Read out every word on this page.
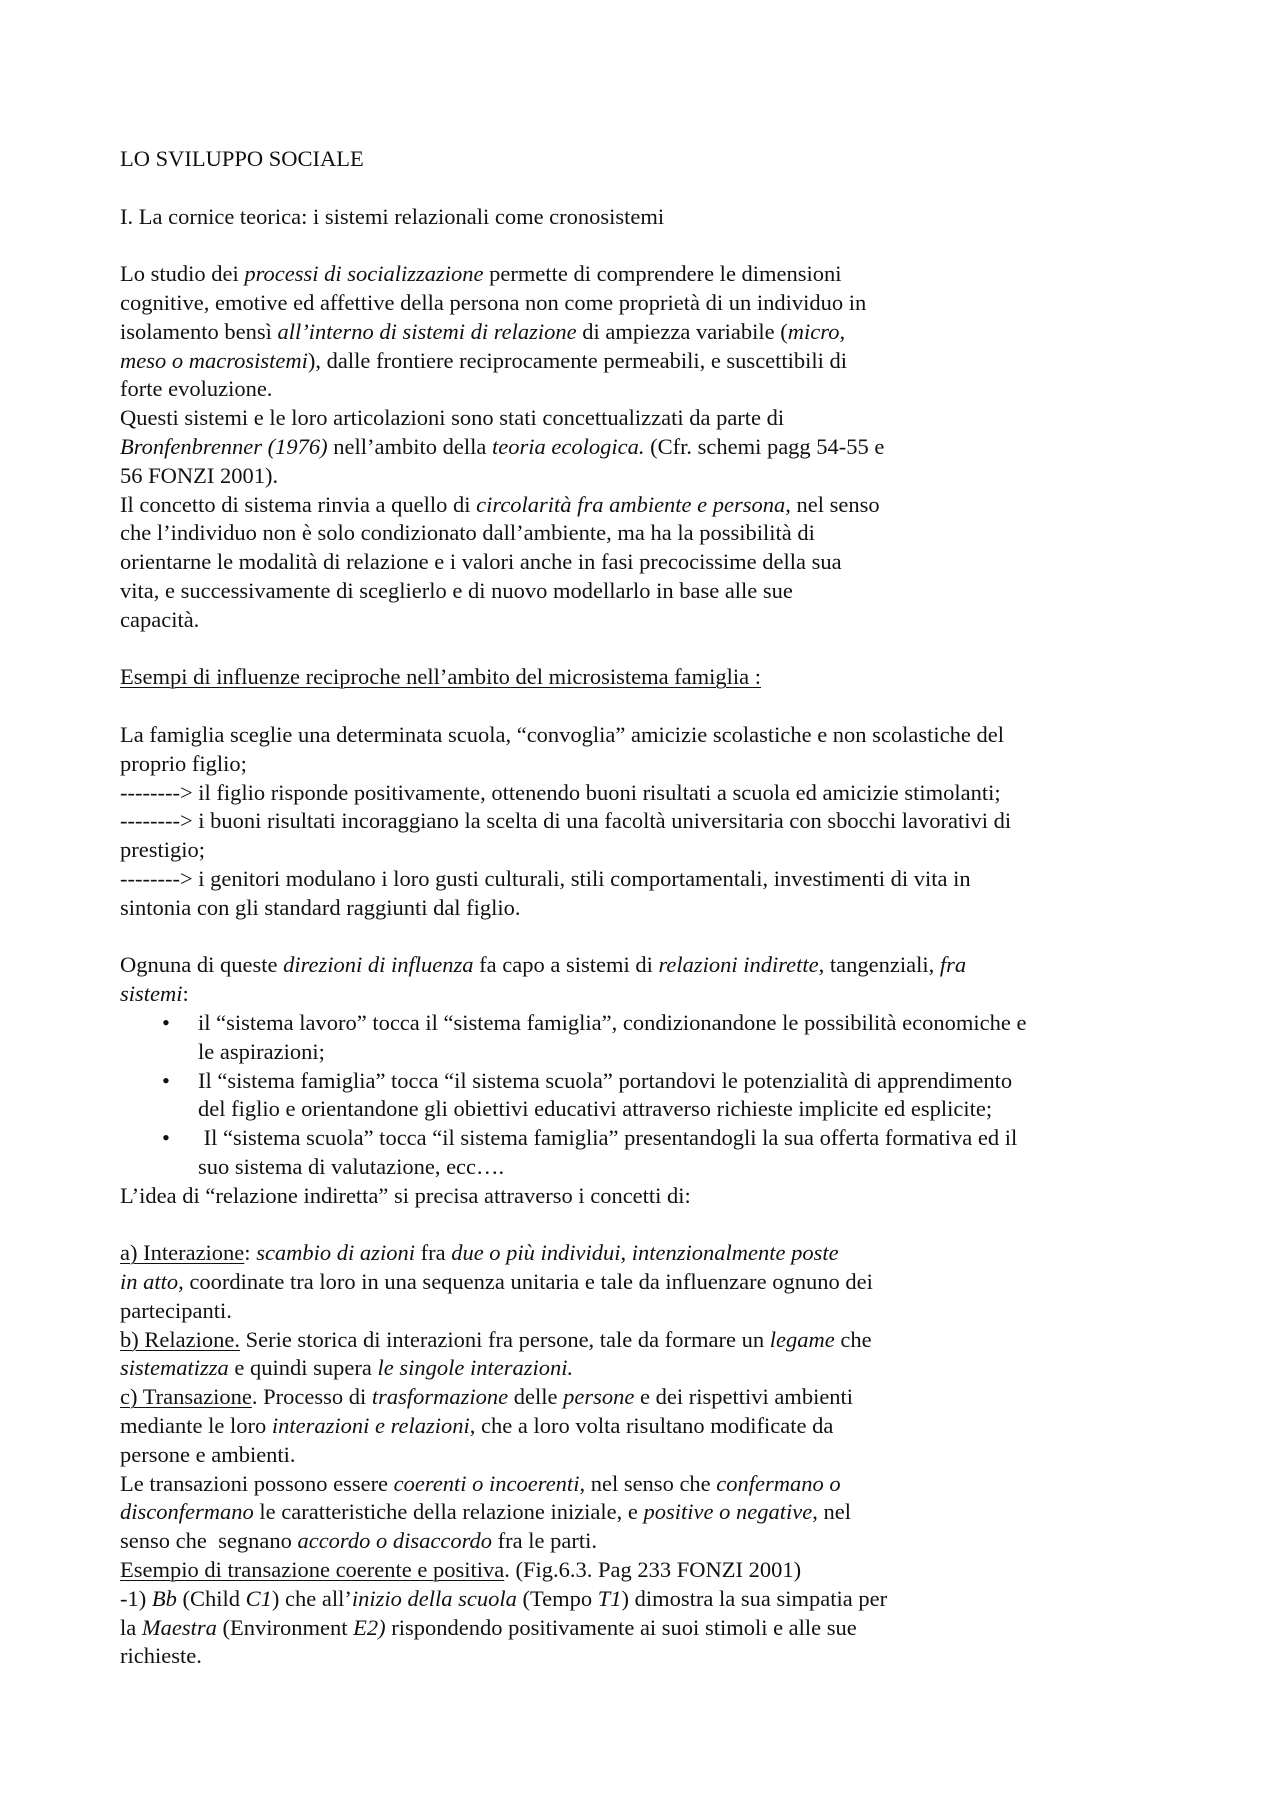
LO SVILUPPO SOCIALE
I. La cornice teorica: i sistemi relazionali come cronosistemi
Lo studio dei processi di socializzazione permette di comprendere le dimensioni
cognitive, emotive ed affettive della persona non come proprietà di un individuo in
isolamento bensì all’interno di sistemi di relazione di ampiezza variabile (micro,
meso o macrosistemi), dalle frontiere reciprocamente permeabili, e suscettibili di
forte evoluzione.
Questi sistemi e le loro articolazioni sono stati concettualizzati da parte di
Bronfenbrenner (1976) nell’ambito della teoria ecologica. (Cfr. schemi pagg 54-55 e
56 FONZI 2001).
Il concetto di sistema rinvia a quello di circolarità fra ambiente e persona, nel senso
che l’individuo non è solo condizionato dall’ambiente, ma ha la possibilità di
orientarne le modalità di relazione e i valori anche in fasi precocissime della sua
vita, e successivamente di sceglierlo e di nuovo modellarlo in base alle sue
capacità.
Esempi di influenze reciproche nell’ambito del microsistema famiglia :
La famiglia sceglie una determinata scuola, “convoglia” amicizie scolastiche e non scolastiche del
proprio figlio;
--------> il figlio risponde positivamente, ottenendo buoni risultati a scuola ed amicizie stimolanti;
--------> i buoni risultati incoraggiano la scelta di una facoltà universitaria con sbocchi lavorativi di
prestigio;
--------> i genitori modulano i loro gusti culturali, stili comportamentali, investimenti di vita in
sintonia con gli standard raggiunti dal figlio.
Ognuna di queste direzioni di influenza fa capo a sistemi di relazioni indirette, tangenziali, fra
sistemi:
• il “sistema lavoro” tocca il “sistema famiglia”, condizionandone le possibilità economiche e
le aspirazioni;
• Il “sistema famiglia” tocca “il sistema scuola” portandovi le potenzialità di apprendimento
del figlio e orientandone gli obiettivi educativi attraverso richieste implicite ed esplicite;
• Il “sistema scuola” tocca “il sistema famiglia” presentandogli la sua offerta formativa ed il
suo sistema di valutazione, ecc….
L’idea di “relazione indiretta” si precisa attraverso i concetti di:
a) Interazione: scambio di azioni fra due o più individui, intenzionalmente poste
in atto, coordinate tra loro in una sequenza unitaria e tale da influenzare ognuno dei
partecipanti.
b) Relazione. Serie storica di interazioni fra persone, tale da formare un legame che
sistematizza e quindi supera le singole interazioni.
c) Transazione. Processo di trasformazione delle persone e dei rispettivi ambienti
mediante le loro interazioni e relazioni, che a loro volta risultano modificate da
persone e ambienti.
Le transazioni possono essere coerenti o incoerenti, nel senso che confermano o
disconfermano le caratteristiche della relazione iniziale, e positive o negative, nel
senso che  segnano accordo o disaccordo fra le parti.
Esempio di transazione coerente e positiva. (Fig.6.3. Pag 233 FONZI 2001)
-1) Bb (Child C1) che all’inizio della scuola (Tempo T1) dimostra la sua simpatia per
la Maestra (Environment E2) rispondendo positivamente ai suoi stimoli e alle sue
richieste.
